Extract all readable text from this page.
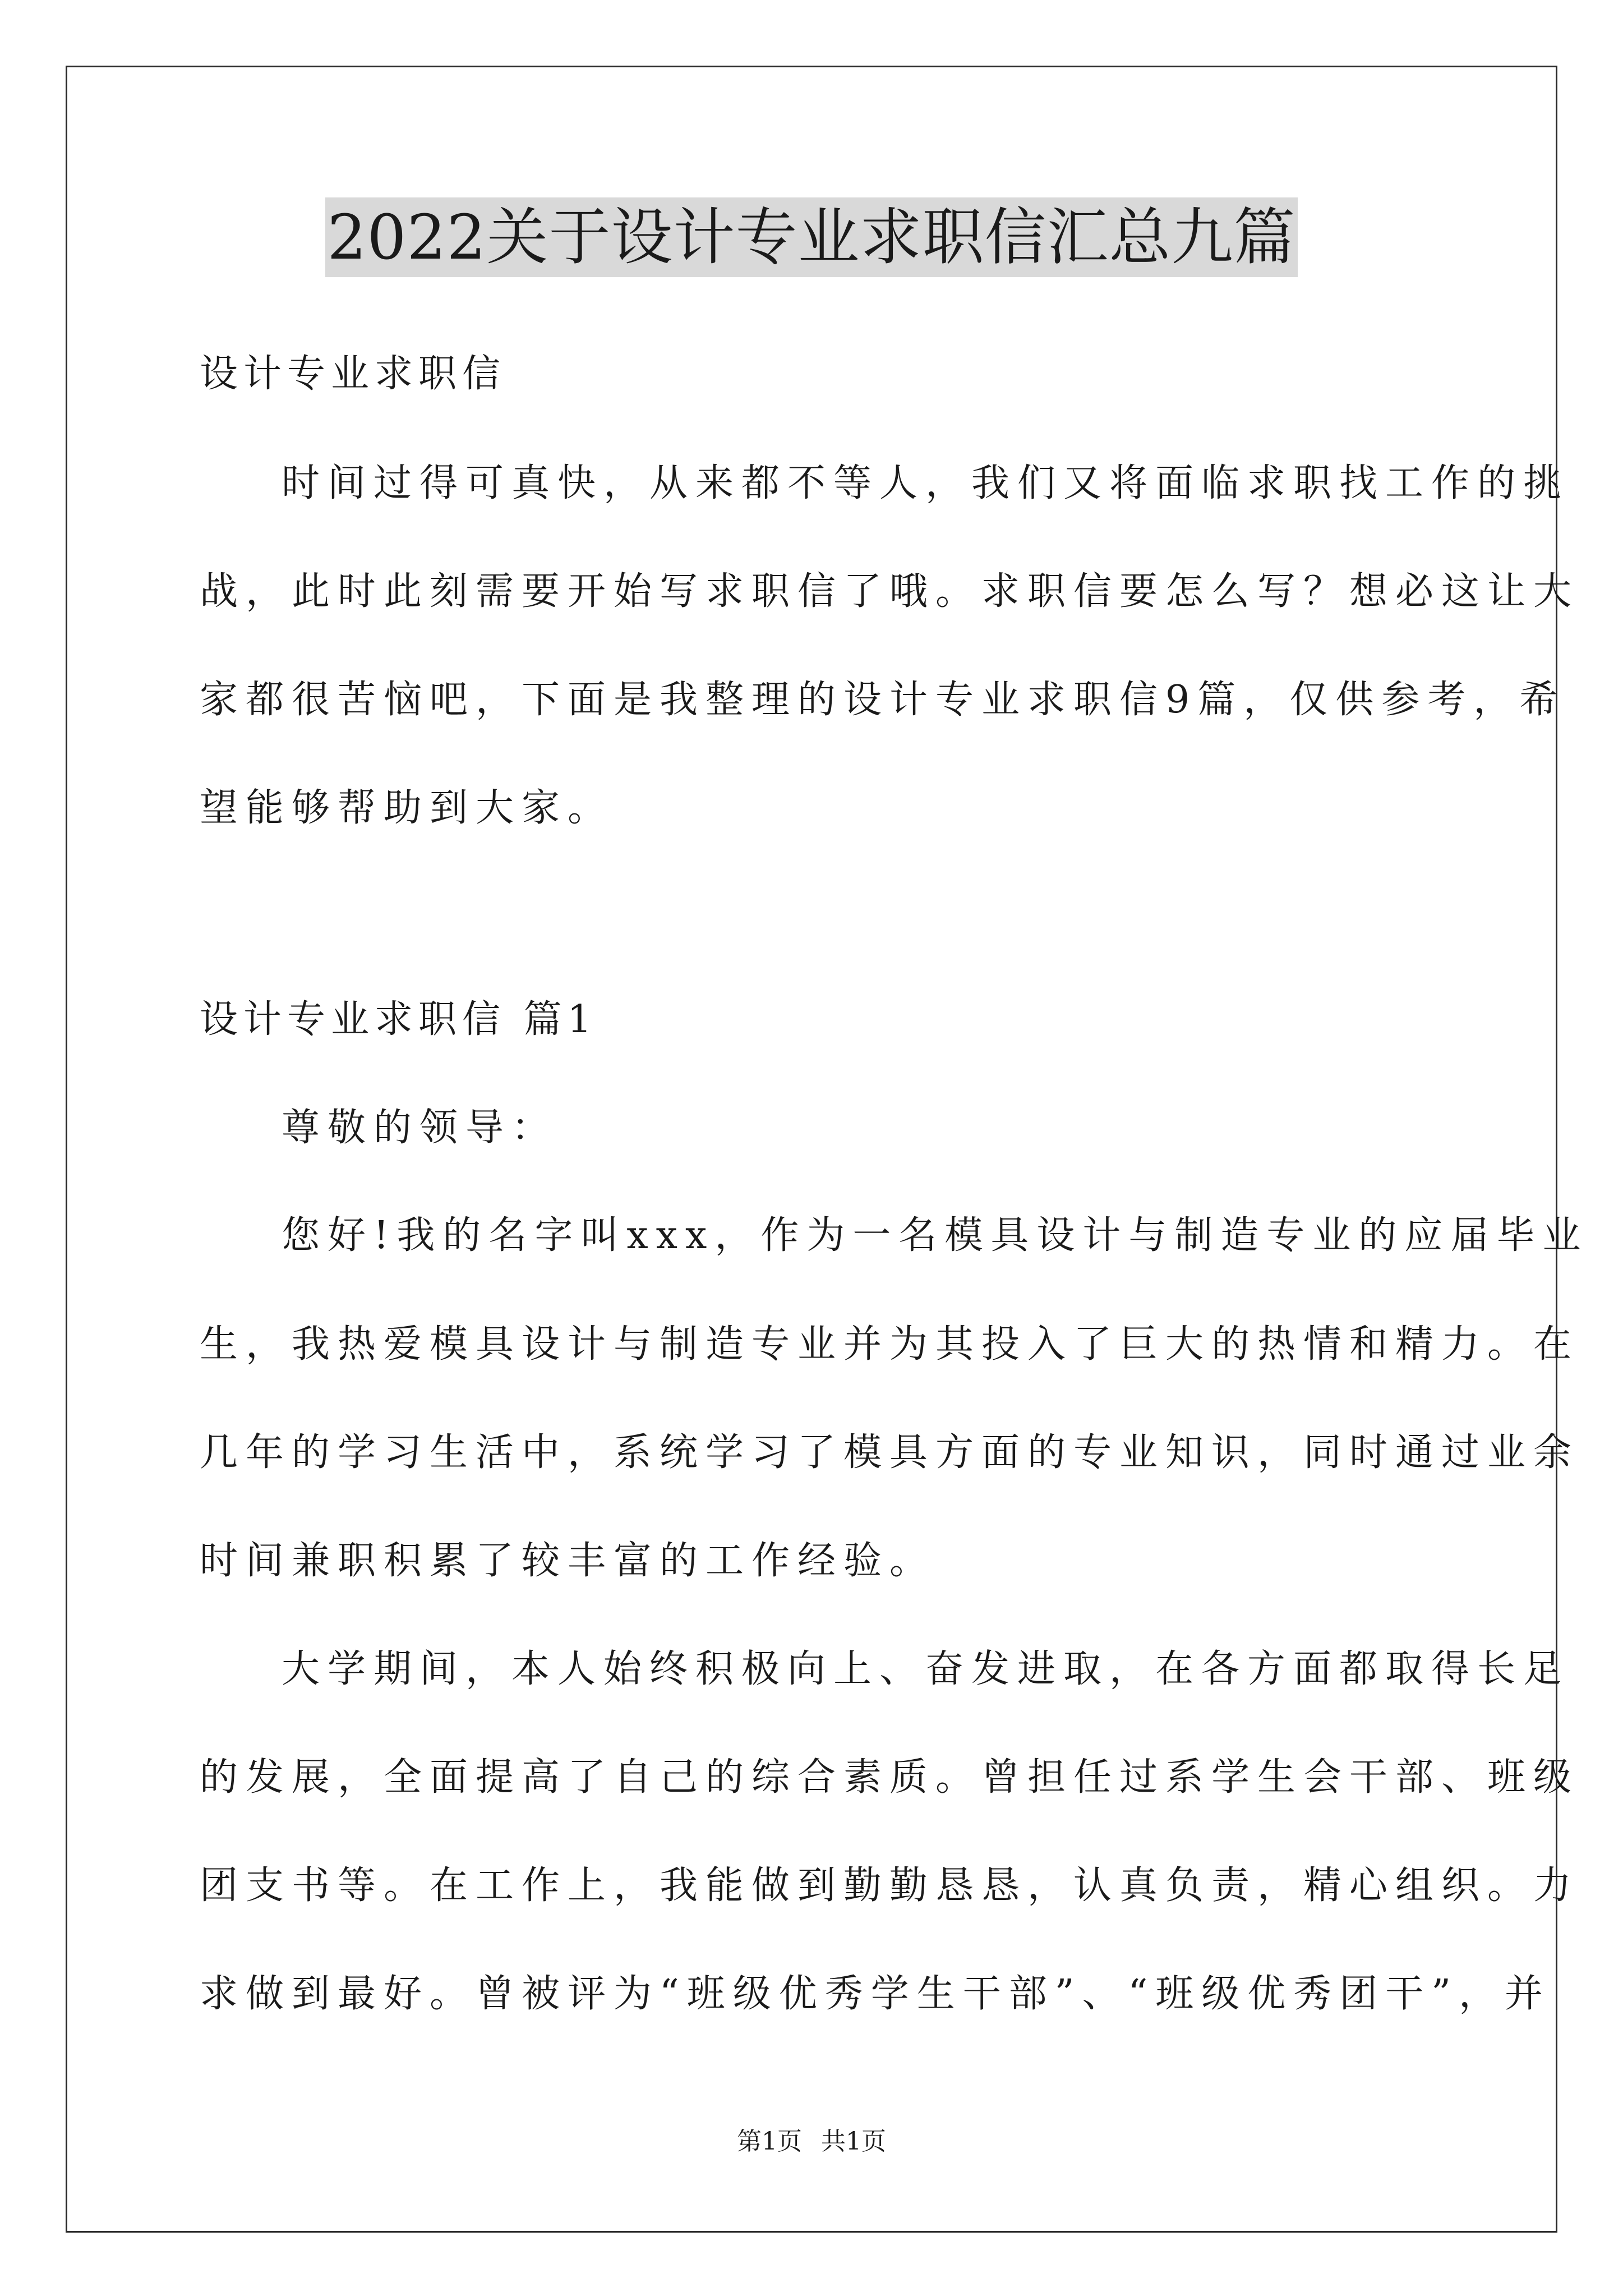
2022关于设计专业求职信汇总九篇
设计专业求职信
时间过得可真快，从来都不等人，我们又将面临求职找工作的挑
战，此时此刻需要开始写求职信了哦。求职信要怎么写？想必这让大
家都很苦恼吧，下面是我整理的设计专业求职信9篇，仅供参考，希
望能够帮助到大家。
设计专业求职信 篇1
尊敬的领导：
您好!我的名字叫xxx，作为一名模具设计与制造专业的应届毕业
生，我热爱模具设计与制造专业并为其投入了巨大的热情和精力。在
几年的学习生活中，系统学习了模具方面的专业知识，同时通过业余
时间兼职积累了较丰富的工作经验。
大学期间，本人始终积极向上、奋发进取，在各方面都取得长足
的发展，全面提高了自己的综合素质。曾担任过系学生会干部、班级
团支书等。在工作上，我能做到勤勤恳恳，认真负责，精心组织。力
求做到最好。曾被评为“班级优秀学生干部”、“班级优秀团干”，并
第1页 共1页
